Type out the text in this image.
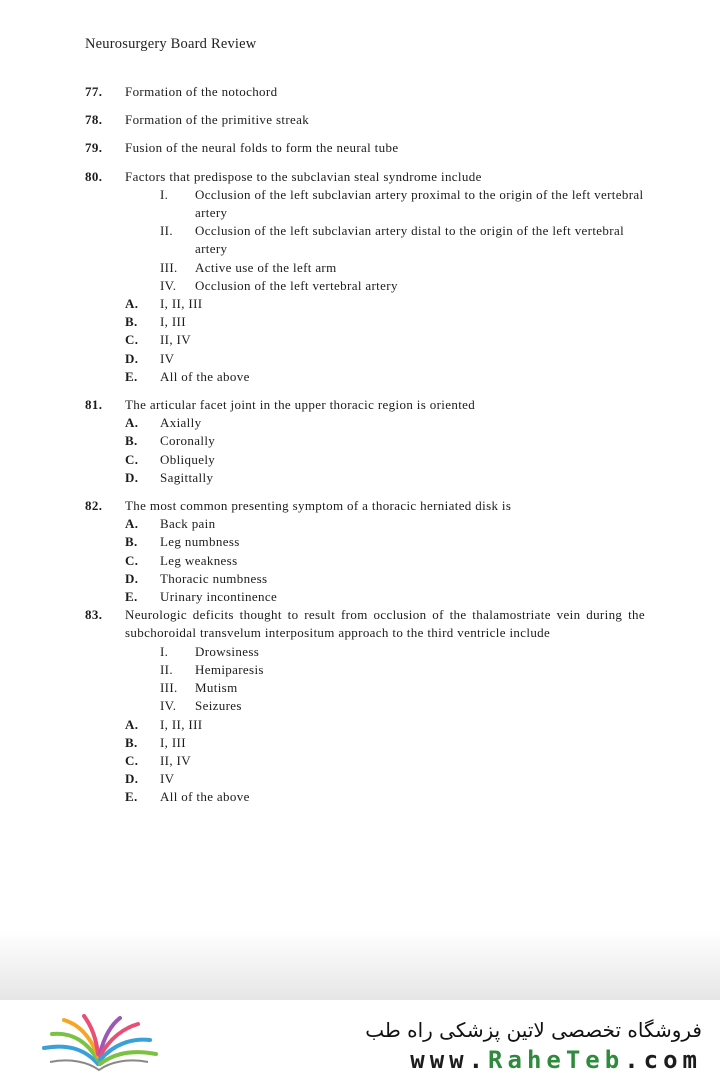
Neurosurgery Board Review
77.	Formation of the notochord
78.	Formation of the primitive streak
79.	Fusion of the neural folds to form the neural tube
80.	Factors that predispose to the subclavian steal syndrome include
I.	Occlusion of the left subclavian artery proximal to the origin of the left vertebral artery
II.	Occlusion of the left subclavian artery distal to the origin of the left vertebral artery
III.	Active use of the left arm
IV.	Occlusion of the left vertebral artery
A.	I, II, III
B.	I, III
C.	II, IV
D.	IV
E.	All of the above
81.	The articular facet joint in the upper thoracic region is oriented
A.	Axially
B.	Coronally
C.	Obliquely
D.	Sagittally
82.	The most common presenting symptom of a thoracic herniated disk is
A.	Back pain
B.	Leg numbness
C.	Leg weakness
D.	Thoracic numbness
E.	Urinary incontinence
83.	Neurologic deficits thought to result from occlusion of the thalamostriate vein during the subchoroidal transvelum interpositum approach to the third ventricle include
I.	Drowsiness
II.	Hemiparesis
III.	Mutism
IV.	Seizures
A.	I, II, III
B.	I, III
C.	II, IV
D.	IV
E.	All of the above
فروشگاه تخصصی لاتین پزشکی راه طب
www.RaheTeb.com
